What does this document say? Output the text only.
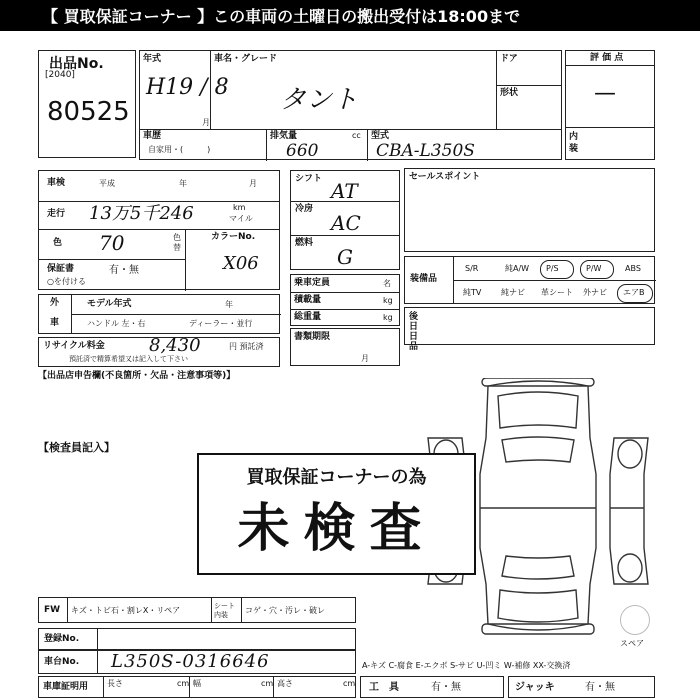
【 買取保証コーナー 】この車両の土曜日の搬出受付は18:00まで
出品No.
[2040]
80525
年式
H19 / 8
月
車名・グレード
タント
ドア
形状
車歴
自家用・(　　　)
排気量	cc
660
型式
CBA-L350S
評 価 点
—
内装
車検	平成	年	月
走行 13万5千246	km
マイル
色 70	色替
カラーNo.
X06
保証書	有・無
○を付ける
シフト AT
冷房
AC
燃料
G
セールスポイント
乗車定員	名
積載量	kg
総重量	kg
書類期限
月
装備品
S/R	純A/W P/S	P/W	ABS
純TV 純ナビ 革シート 外ナビ エアB
後日日品
外
車
モデル年式	年
ハンドル 左・右	ディーラー・並行
リサイクル料金 8,430	円 預託済
預託済で精算希望又は記入して下さい
【出品店申告欄(不良箇所・欠品・注意事項等)】
【検査員記入】
スペア
買取保証コーナーの為
未検査
FW キズ・トビ石・割レX・リペア	シート内装	コゲ・穴・汚レ・破レ
登録No.
車台No. L350S-0316646	A-キズ C-腐食 E-エクボ S-サビ U-凹ミ W-補修 XX-交換済
車庫証明用 長さ	cm 幅	cm 高さ	cm 工　具	有・無	ジャッキ	有・無
